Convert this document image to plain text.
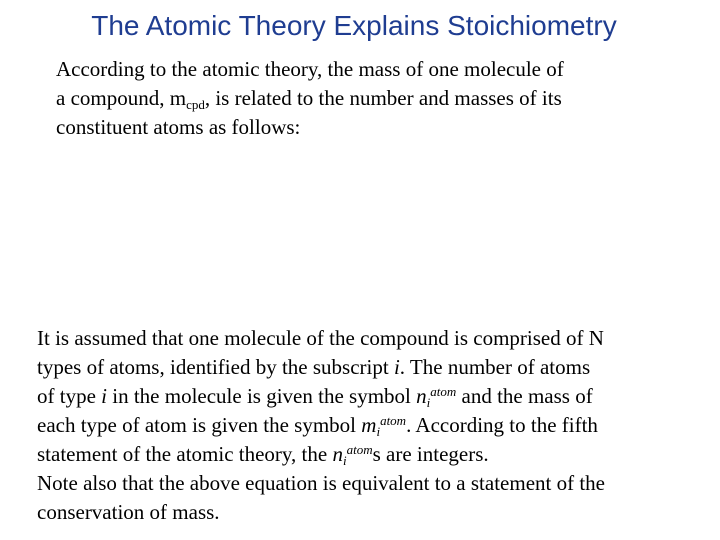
The Atomic Theory Explains Stoichiometry
According to the atomic theory, the mass of one molecule of
a compound, $m_{cpd}$, is related to the number and masses of its
constituent atoms as follows:
It is assumed that one molecule of the compound is comprised of N
types of atoms, identified by the subscript i. The number of atoms
of type i in the molecule is given the symbol $n_i^{atom}$ and the mass of
each type of atom is given the symbol $m_i^{atom}$. According to the fifth
statement of the atomic theory, the $n_i^{atom}s$ are integers.
Note also that the above equation is equivalent to a statement of the
conservation of mass.
